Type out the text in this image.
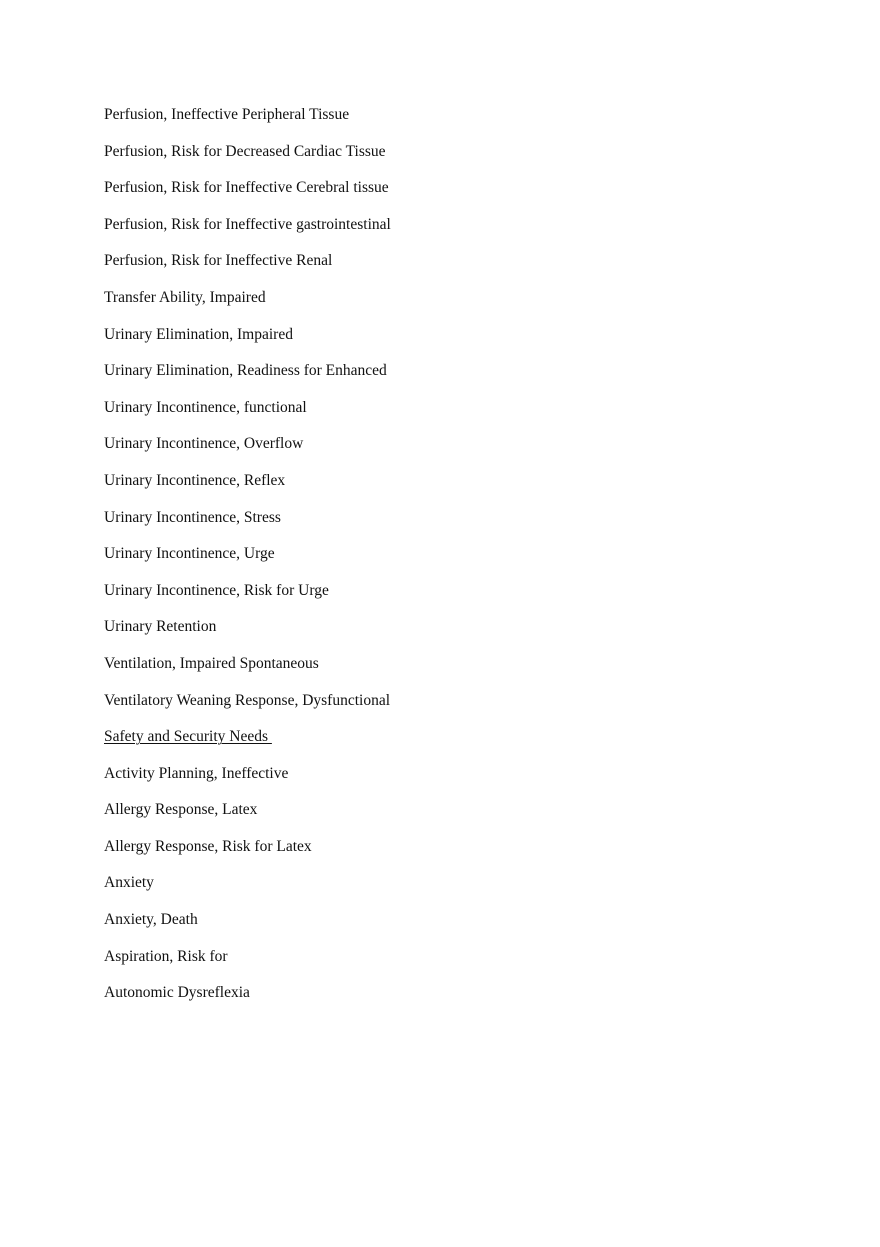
Perfusion, Ineffective Peripheral Tissue
Perfusion, Risk for Decreased Cardiac Tissue
Perfusion, Risk for Ineffective Cerebral tissue
Perfusion, Risk for Ineffective gastrointestinal
Perfusion, Risk for Ineffective Renal
Transfer Ability, Impaired
Urinary Elimination, Impaired
Urinary Elimination, Readiness for Enhanced
Urinary Incontinence, functional
Urinary Incontinence, Overflow
Urinary Incontinence, Reflex
Urinary Incontinence, Stress
Urinary Incontinence, Urge
Urinary Incontinence, Risk for Urge
Urinary Retention
Ventilation, Impaired Spontaneous
Ventilatory Weaning Response, Dysfunctional
Safety and Security Needs
Activity Planning, Ineffective
Allergy Response, Latex
Allergy Response, Risk for Latex
Anxiety
Anxiety, Death
Aspiration, Risk for
Autonomic Dysreflexia
